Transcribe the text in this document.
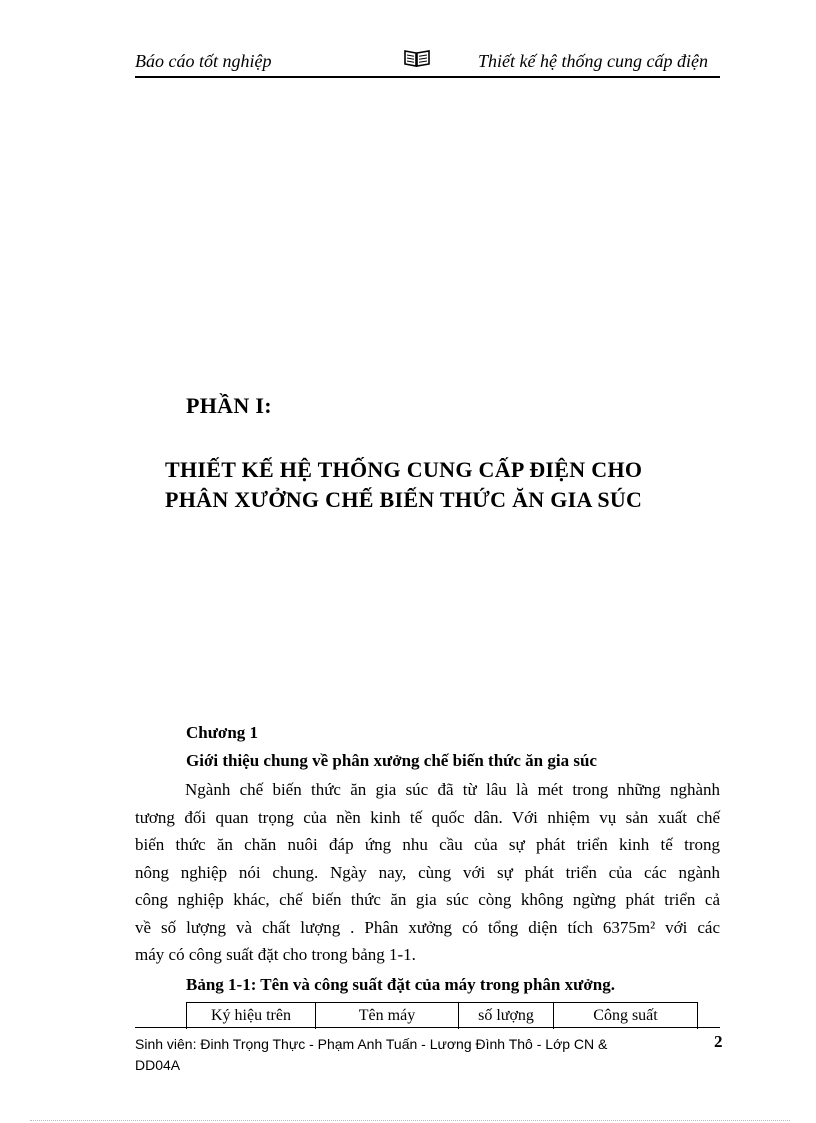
Báo cáo tốt nghiệp	Thiết kế hệ thống cung cấp điện
PHẦN I:
THIẾT KẾ HỆ THỐNG CUNG CẤP ĐIỆN CHO
PHÂN XƯỞNG CHẾ BIẾN THỨC ĂN GIA SÚC
Chương 1
Giới thiệu chung về phân xưởng chế biến thức ăn gia súc
Ngành chế biến thức ăn gia súc đã từ lâu là mét trong những nghành
tương đối quan trọng của nền kinh tế quốc dân. Với nhiệm vụ sản xuất chế
biến thức ăn chăn nuôi đáp ứng nhu cầu của sự phát triển kinh tế trong
nông nghiệp nói chung. Ngày nay, cùng với sự phát triển của các ngành
công nghiệp khác, chế biến thức ăn gia súc còng không ngừng phát triển cả
về số lượng và chất lượng . Phân xưởng có tổng diện tích 6375m² với các
máy có công suất đặt cho trong bảng 1-1.
Bảng 1-1: Tên và công suất đặt của máy trong phân xưởng.
Ký hiệu trên	Tên máy	số lượng	Công suất
Sinh viên: Đinh Trọng Thực - Phạm Anh Tuấn - Lương Đình Thô - Lớp CN & DD04A
2
